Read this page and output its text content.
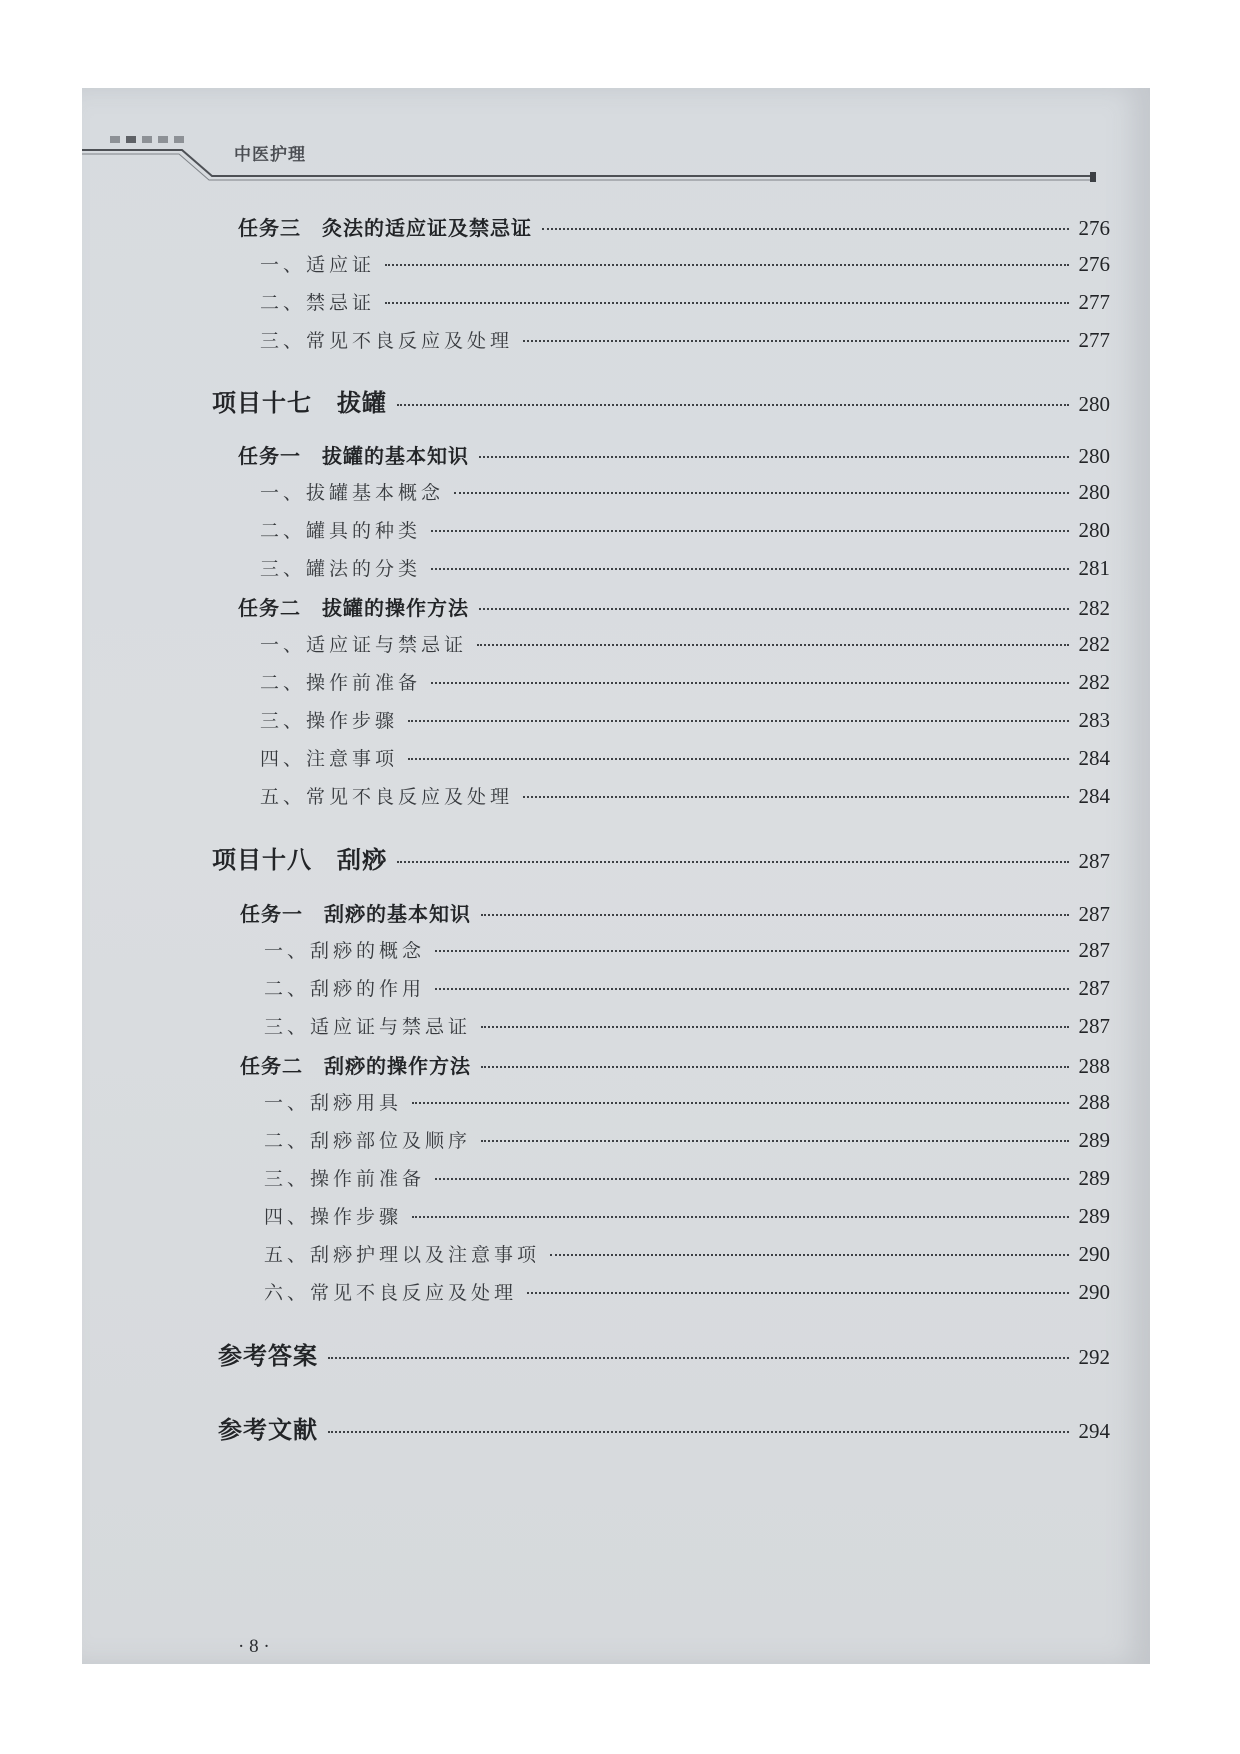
中医护理
任务三　灸法的适应证及禁忌证	276
一、适应证	276
二、禁忌证	277
三、常见不良反应及处理	277
项目十七　拔罐	280
任务一　拔罐的基本知识	280
一、拔罐基本概念	280
二、罐具的种类	280
三、罐法的分类	281
任务二　拔罐的操作方法	282
一、适应证与禁忌证	282
二、操作前准备	282
三、操作步骤	283
四、注意事项	284
五、常见不良反应及处理	284
项目十八　刮痧	287
任务一　刮痧的基本知识	287
一、刮痧的概念	287
二、刮痧的作用	287
三、适应证与禁忌证	287
任务二　刮痧的操作方法	288
一、刮痧用具	288
二、刮痧部位及顺序	289
三、操作前准备	289
四、操作步骤	289
五、刮痧护理以及注意事项	290
六、常见不良反应及处理	290
参考答案	292
参考文献	294
· 8 ·
